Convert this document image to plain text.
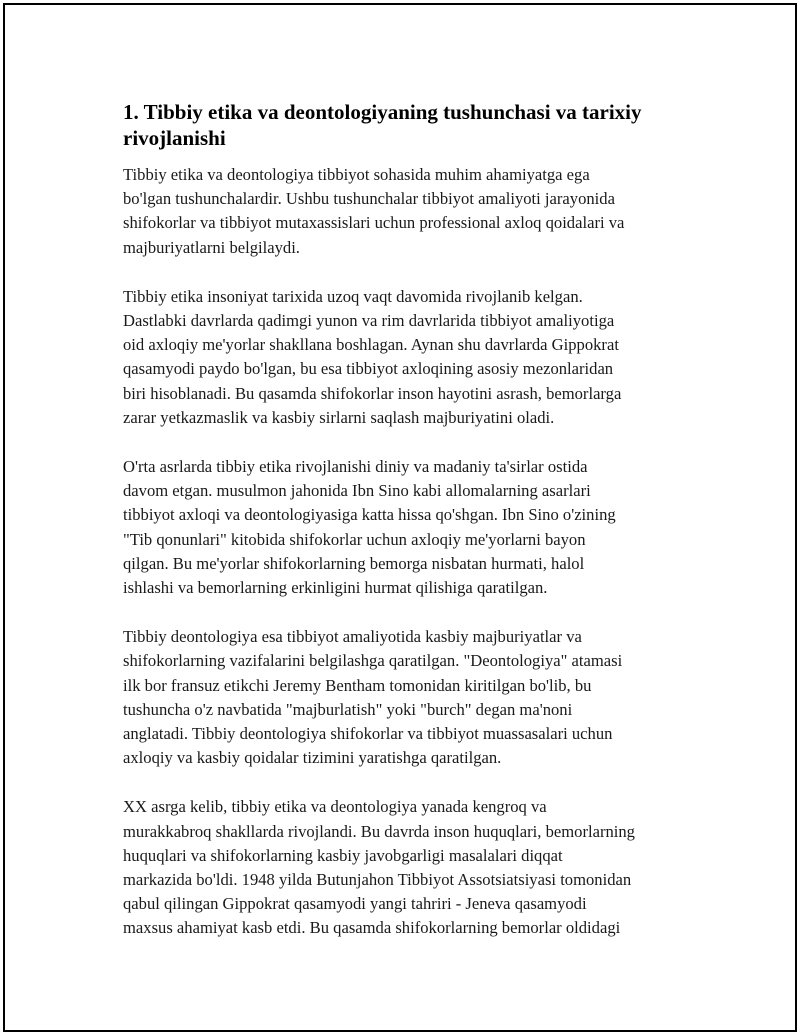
1. Tibbiy etika va deontologiyaning tushunchasi va tarixiy
rivojlanishi

Tibbiy etika va deontologiya tibbiyot sohasida muhim ahamiyatga ega
bo'lgan tushunchalardir. Ushbu tushunchalar tibbiyot amaliyoti jarayonida
shifokorlar va tibbiyot mutaxassislari uchun professional axloq qoidalari va
majburiyatlarni belgilaydi.

Tibbiy etika insoniyat tarixida uzoq vaqt davomida rivojlanib kelgan.
Dastlabki davrlarda qadimgi yunon va rim davrlarida tibbiyot amaliyotiga
oid axloqiy me'yorlar shakllana boshlagan. Aynan shu davrlarda Gippokrat
qasamyodi paydo bo'lgan, bu esa tibbiyot axloqining asosiy mezonlaridan
biri hisoblanadi. Bu qasamda shifokorlar inson hayotini asrash, bemorlarga
zarar yetkazmaslik va kasbiy sirlarni saqlash majburiyatini oladi.

O'rta asrlarda tibbiy etika rivojlanishi diniy va madaniy ta'sirlar ostida
davom etgan. musulmon jahonida Ibn Sino kabi allomalarning asarlari
tibbiyot axloqi va deontologiyasiga katta hissa qo'shgan. Ibn Sino o'zining
"Tib qonunlari" kitobida shifokorlar uchun axloqiy me'yorlarni bayon
qilgan. Bu me'yorlar shifokorlarning bemorga nisbatan hurmati, halol
ishlashi va bemorlarning erkinligini hurmat qilishiga qaratilgan.

Tibbiy deontologiya esa tibbiyot amaliyotida kasbiy majburiyatlar va
shifokorlarning vazifalarini belgilashga qaratilgan. "Deontologiya" atamasi
ilk bor fransuz etikchi Jeremy Bentham tomonidan kiritilgan bo'lib, bu
tushuncha o'z navbatida "majburlatish" yoki "burch" degan ma'noni
anglatadi. Tibbiy deontologiya shifokorlar va tibbiyot muassasalari uchun
axloqiy va kasbiy qoidalar tizimini yaratishga qaratilgan.

XX asrga kelib, tibbiy etika va deontologiya yanada kengroq va
murakkabroq shakllarda rivojlandi. Bu davrda inson huquqlari, bemorlarning
huquqlari va shifokorlarning kasbiy javobgarligi masalalari diqqat
markazida bo'ldi. 1948 yilda Butunjahon Tibbiyot Assotsiatsiyasi tomonidan
qabul qilingan Gippokrat qasamyodi yangi tahriri - Jeneva qasamyodi
maxsus ahamiyat kasb etdi. Bu qasamda shifokorlarning bemorlar oldidagi
